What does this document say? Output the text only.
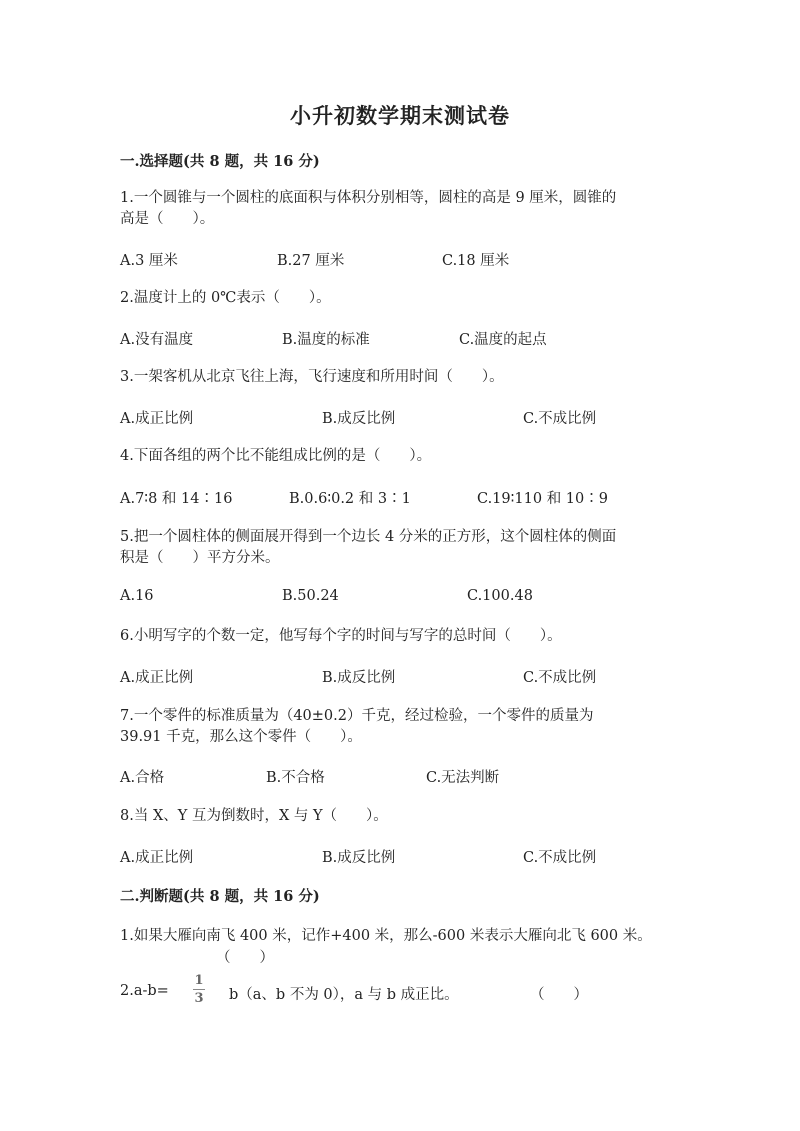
小升初数学期末测试卷
一.选择题(共 8 题，共 16 分)
1.一个圆锥与一个圆柱的底面积与体积分别相等，圆柱的高是 9 厘米，圆锥的
高是（　　）。
A.3 厘米	B.27 厘米	C.18 厘米
2.温度计上的 0℃表示（　　）。
A.没有温度	B.温度的标准	C.温度的起点
3.一架客机从北京飞往上海，飞行速度和所用时间（　　）。
A.成正比例	B.成反比例	C.不成比例
4.下面各组的两个比不能组成比例的是（　　）。
A.7∶8 和 14∶16	B.0.6∶0.2 和 3∶1	C.19∶110 和 10∶9
5.把一个圆柱体的侧面展开得到一个边长 4 分米的正方形，这个圆柱体的侧面
积是（　　）平方分米。
A.16	B.50.24	C.100.48
6.小明写字的个数一定，他写每个字的时间与写字的总时间（　　）。
A.成正比例	B.成反比例	C.不成比例
7.一个零件的标准质量为（40±0.2）千克，经过检验，一个零件的质量为
39.91 千克，那么这个零件（　　）。
A.合格	B.不合格	C.无法判断
8.当 X、Y 互为倒数时，X 与 Y（　　）。
A.成正比例	B.成反比例	C.不成比例
二.判断题(共 8 题，共 16 分)
1.如果大雁向南飞 400 米，记作+400 米，那么-600 米表示大雁向北飞 600 米。
（　　）
2.a-b=
1
3 b（a、b 不为 0），a 与 b 成正比。	（　　）
